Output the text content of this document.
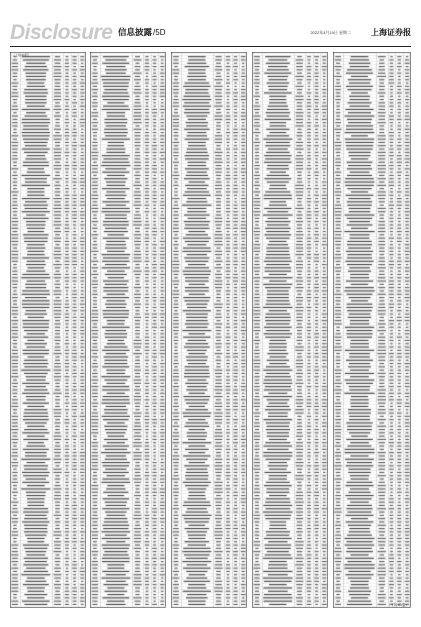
Disclosure 信息披露/5D	2022年4月19日 星期二	上海证券报
（下转6D版）
